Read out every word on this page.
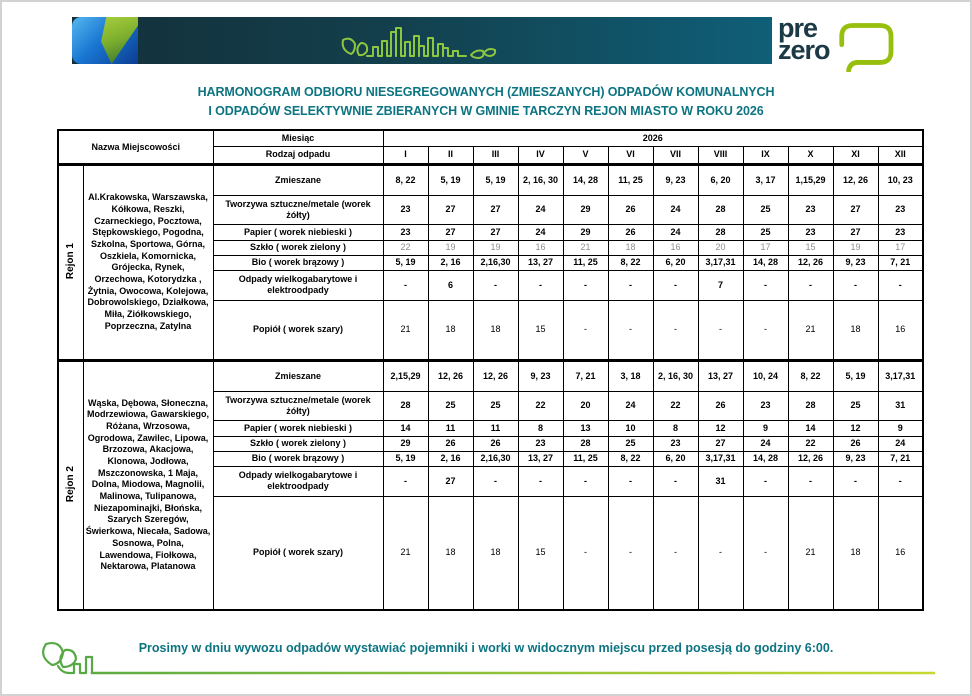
pre
zero
HARMONOGRAM ODBIORU NIESEGREGOWANYCH (ZMIESZANYCH) ODPADÓW KOMUNALNYCH
I ODPADÓW SELEKTYWNIE ZBIERANYCH W GMINIE TARCZYN REJON MIASTO W ROKU 2026
Nazwa Miejscowości		Miesiąc	2026											
		Rodzaj odpadu	I	II	III	IV	V	VI	VII	VIII	IX	X	XI	XII
Rejon 1	Al.Krakowska, Warszawska, Kółkowa, Reszki, Czarneckiego, Pocztowa, Stępkowskiego, Pogodna, Szkolna, Sportowa, Górna, Oszkiela, Komornicka, Grójecka, Rynek, Orzechowa, Kotorydzka , Żytnia, Owocowa, Kolejowa, Dobrowolskiego, Działkowa, Miła, Ziółkowskiego, Poprzeczna, Zatylna	Zmieszane	8, 22	5, 19	5, 19	2, 16, 30	14, 28	11, 25	9, 23	6, 20	3, 17	1,15,29	12, 26	10, 23
		Tworzywa sztuczne/metale (worek żółty)	23	27	27	24	29	26	24	28	25	23	27	23
		Papier ( worek niebieski )	23	27	27	24	29	26	24	28	25	23	27	23
		Szkło ( worek zielony )	22	19	19	16	21	18	16	20	17	15	19	17
		Bio ( worek brązowy )	5, 19	2, 16	2,16,30	13, 27	11, 25	8, 22	6, 20	3,17,31	14, 28	12, 26	9, 23	7, 21
		Odpady wielkogabarytowe i elektroodpady	-	6	-	-	-	-	-	7	-	-	-	-
		Popiół ( worek szary)	21	18	18	15	-	-	-	-	-	21	18	16
Rejon 2	Wąska, Dębowa, Słoneczna, Modrzewiowa, Gawarskiego, Różana, Wrzosowa, Ogrodowa, Zawilec, Lipowa, Brzozowa, Akacjowa, Klonowa, Jodłowa, Mszczonowska, 1 Maja, Dolna, Miodowa, Magnolii, Malinowa, Tulipanowa, Niezapominajki, Błońska, Szarych Szeregów, Świerkowa, Niecała, Sadowa, Sosnowa, Polna, Lawendowa, Fiołkowa, Nektarowa, Platanowa	Zmieszane	2,15,29	12, 26	12, 26	9, 23	7, 21	3, 18	2, 16, 30	13, 27	10, 24	8, 22	5, 19	3,17,31
		Tworzywa sztuczne/metale (worek żółty)	28	25	25	22	20	24	22	26	23	28	25	31
		Papier ( worek niebieski )	14	11	11	8	13	10	8	12	9	14	12	9
		Szkło ( worek zielony )	29	26	26	23	28	25	23	27	24	22	26	24
		Bio ( worek brązowy )	5, 19	2, 16	2,16,30	13, 27	11, 25	8, 22	6, 20	3,17,31	14, 28	12, 26	9, 23	7, 21
		Odpady wielkogabarytowe i elektroodpady	-	27	-	-	-	-	-	31	-	-	-	-
		Popiół ( worek szary)	21	18	18	15	-	-	-	-	-	21	18	16
Prosimy w dniu wywozu odpadów wystawiać pojemniki i worki w widocznym miejscu przed posesją do godziny 6:00.
